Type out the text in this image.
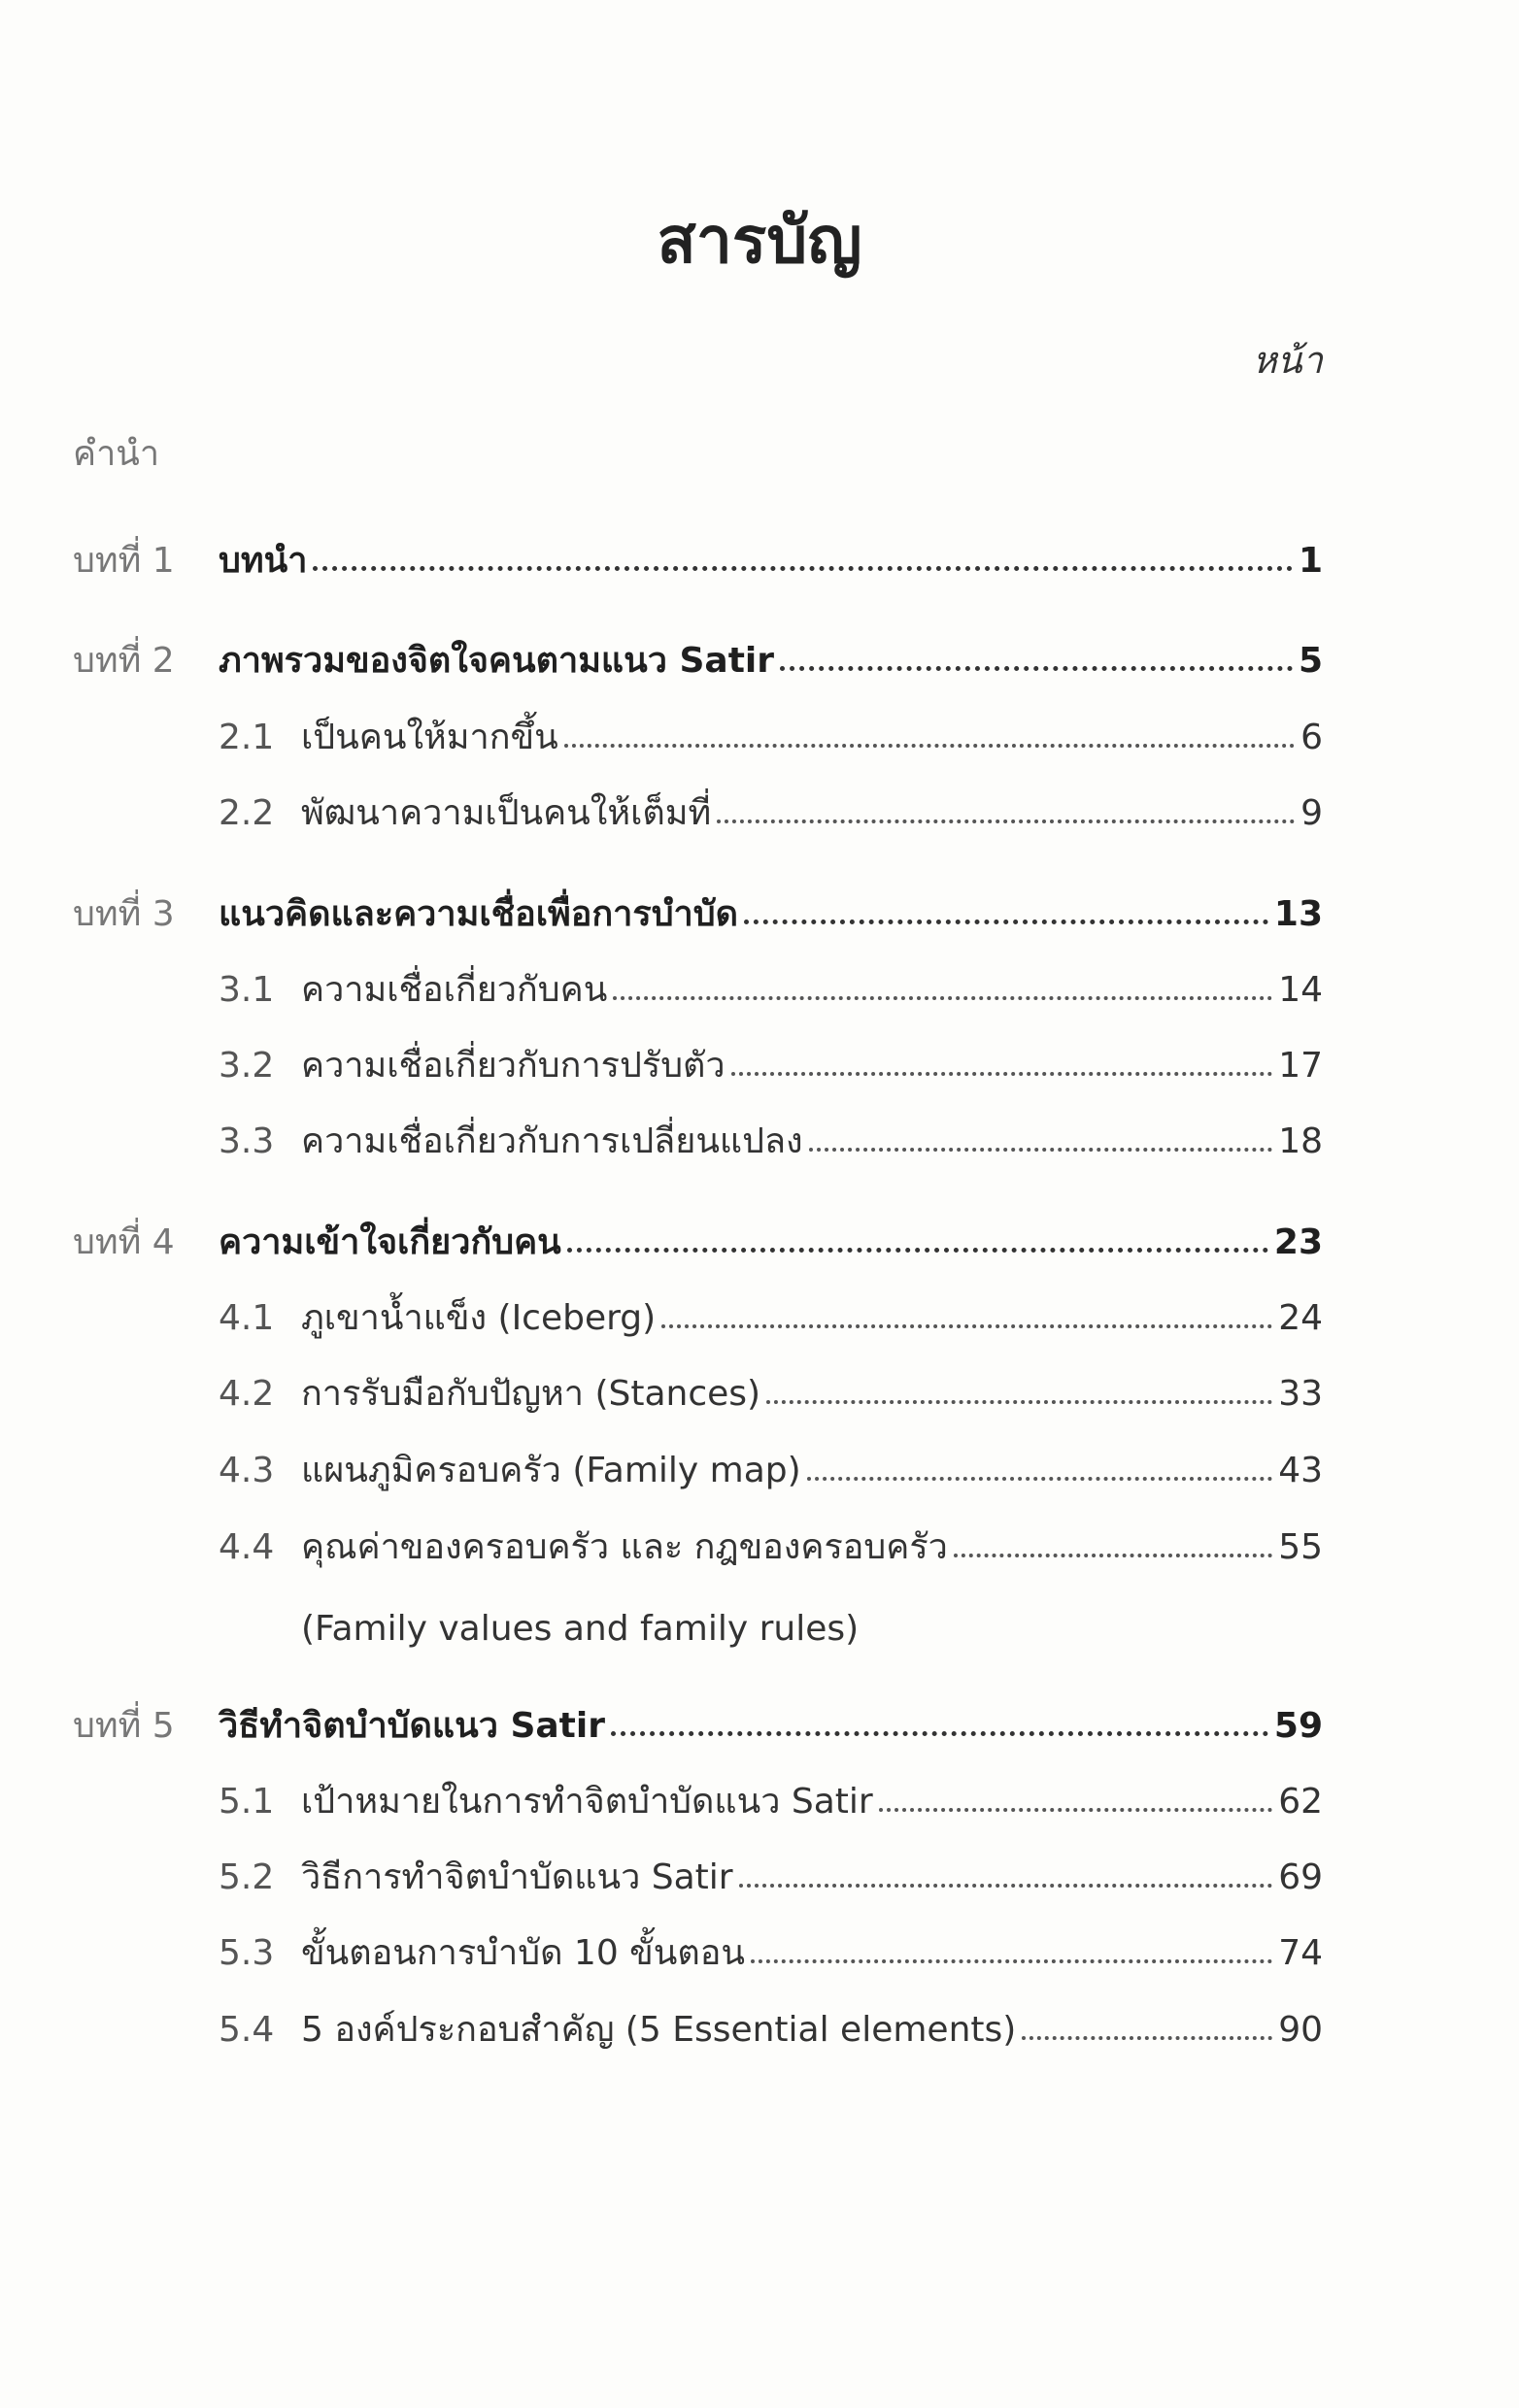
สารบัญ
หน้า
คำนำ
บทที่ 1	บทนำ	1
บทที่ 2	ภาพรวมของจิตใจคนตามแนว Satir	5
2.1 เป็นคนให้มากขึ้น	6
2.2 พัฒนาความเป็นคนให้เต็มที่	9
บทที่ 3	แนวคิดและความเชื่อเพื่อการบำบัด	13
3.1 ความเชื่อเกี่ยวกับคน	14
3.2 ความเชื่อเกี่ยวกับการปรับตัว	17
3.3 ความเชื่อเกี่ยวกับการเปลี่ยนแปลง	18
บทที่ 4	ความเข้าใจเกี่ยวกับคน	23
4.1 ภูเขาน้ำแข็ง (Iceberg)	24
4.2 การรับมือกับปัญหา (Stances)	33
4.3 แผนภูมิครอบครัว (Family map)	43
4.4 คุณค่าของครอบครัว และ กฎของครอบครัว	55
(Family values and family rules)
บทที่ 5	วิธีทำจิตบำบัดแนว Satir	59
5.1 เป้าหมายในการทำจิตบำบัดแนว Satir	62
5.2 วิธีการทำจิตบำบัดแนว Satir	69
5.3 ขั้นตอนการบำบัด 10 ขั้นตอน	74
5.4 5 องค์ประกอบสำคัญ (5 Essential elements)	90
